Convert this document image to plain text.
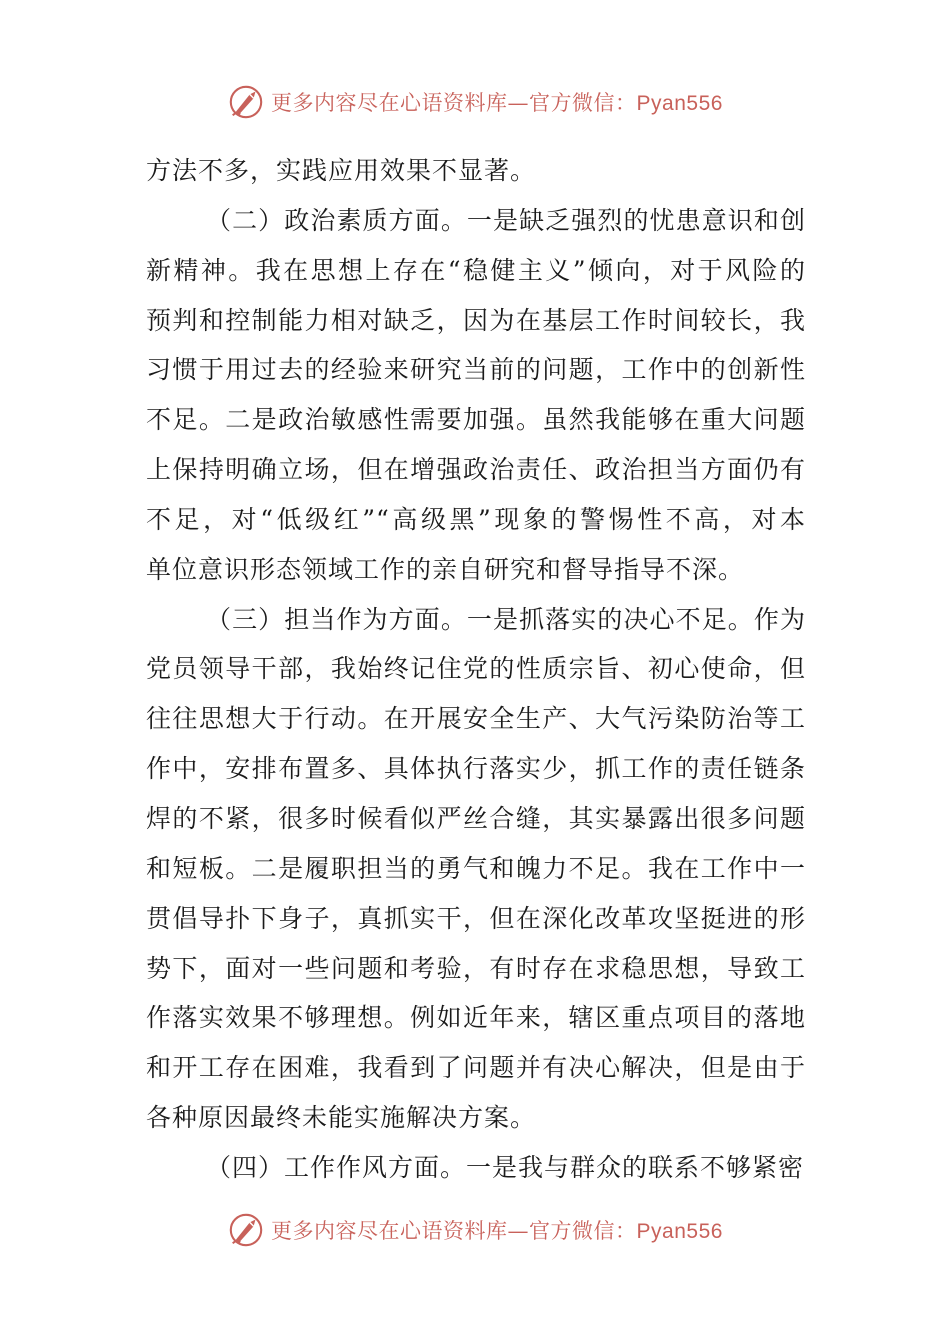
更多内容尽在心语资料库—官方微信：Pyan556
方法不多，实践应用效果不显著。
（二）政治素质方面。一是缺乏强烈的忧患意识和创
新精神。我在思想上存在“稳健主义”倾向，对于风险的
预判和控制能力相对缺乏，因为在基层工作时间较长，我
习惯于用过去的经验来研究当前的问题，工作中的创新性
不足。二是政治敏感性需要加强。虽然我能够在重大问题
上保持明确立场，但在增强政治责任、政治担当方面仍有
不足，对“低级红”“高级黑”现象的警惕性不高，对本
单位意识形态领域工作的亲自研究和督导指导不深。
（三）担当作为方面。一是抓落实的决心不足。作为
党员领导干部，我始终记住党的性质宗旨、初心使命，但
往往思想大于行动。在开展安全生产、大气污染防治等工
作中，安排布置多、具体执行落实少，抓工作的责任链条
焊的不紧，很多时候看似严丝合缝，其实暴露出很多问题
和短板。二是履职担当的勇气和魄力不足。我在工作中一
贯倡导扑下身子，真抓实干，但在深化改革攻坚挺进的形
势下，面对一些问题和考验，有时存在求稳思想，导致工
作落实效果不够理想。例如近年来，辖区重点项目的落地
和开工存在困难，我看到了问题并有决心解决，但是由于
各种原因最终未能实施解决方案。
（四）工作作风方面。一是我与群众的联系不够紧密
更多内容尽在心语资料库—官方微信：Pyan556
